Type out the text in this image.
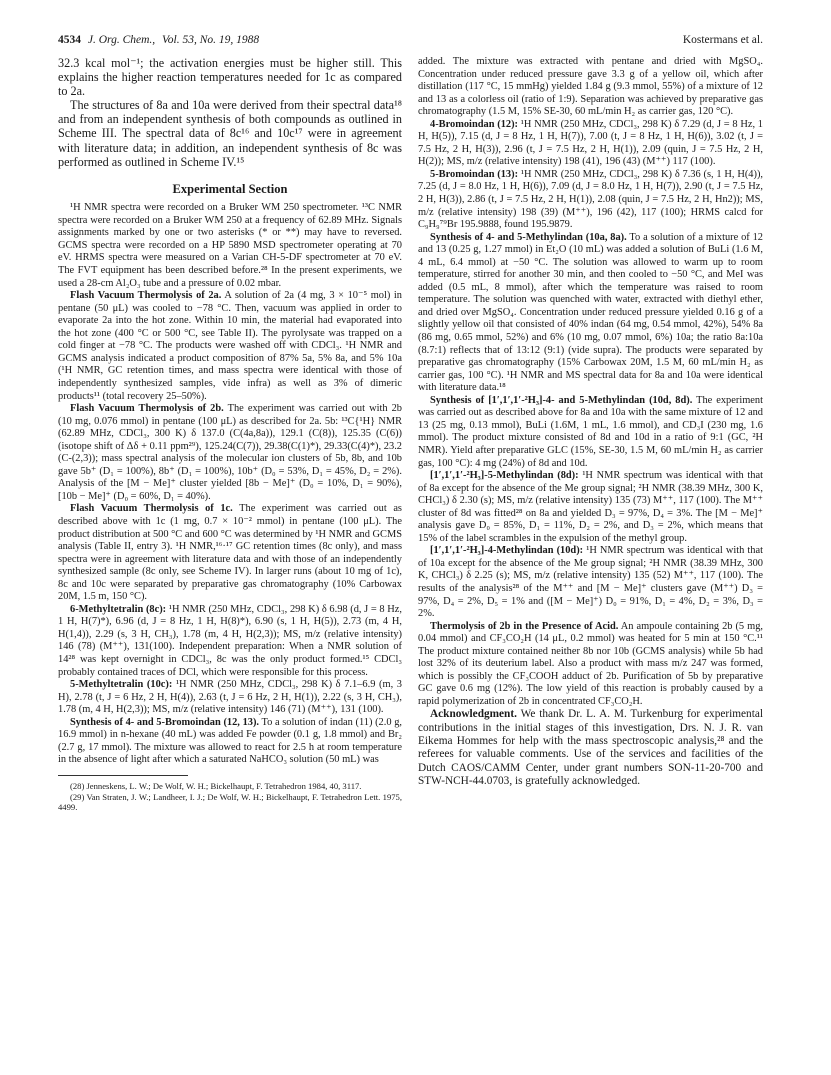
4534 J. Org. Chem., Vol. 53, No. 19, 1988	Kostermans et al.

32.3 kcal mol⁻¹; the activation energies must be higher still. This explains the higher reaction temperatures needed for 1c as compared to 2a.

The structures of 8a and 10a were derived from their spectral data¹⁸ and from an independent synthesis of both compounds as outlined in Scheme III. The spectral data of 8c¹⁶ and 10c¹⁷ were in agreement with literature data; in addition, an independent synthesis of 8c was performed as outlined in Scheme IV.¹⁵

Experimental Section

¹H NMR spectra were recorded on a Bruker WM 250 spectrometer. ¹³C NMR spectra were recorded on a Bruker WM 250 at a frequency of 62.89 MHz. Signals assignments marked by one or two asterisks (* or **) may have to reversed. GCMS spectra were recorded on a HP 5890 MSD spectrometer operating at 70 eV. HRMS spectra were measured on a Varian CH-5-DF spectrometer at 70 eV. The FVT equipment has been described before.²⁸ In the present experiments, we used a 28-cm Al₂O₃ tube and a pressure of 0.02 mbar.

Flash Vacuum Thermolysis of 2a. A solution of 2a (4 mg, 3 × 10⁻⁵ mol) in pentane (50 μL) was cooled to −78 °C. Then, vacuum was applied in order to evaporate 2a into the hot zone. Within 10 min, the material had evaporated into the hot zone (400 °C or 500 °C, see Table II). The pyrolysate was trapped on a cold finger at −78 °C. The products were washed off with CDCl₃. ¹H NMR and GCMS analysis indicated a product composition of 87% 5a, 5% 8a, and 5% 10a (¹H NMR, GC retention times, and mass spectra were identical with those of independently synthesized samples, vide infra) as well as 3% of dimeric products¹¹ (total recovery 25–50%).

Flash Vacuum Thermolysis of 2b. The experiment was carried out with 2b (10 mg, 0.076 mmol) in pentane (100 μL) as described for 2a. 5b: ¹³C{¹H} NMR (62.89 MHz, CDCl₃, 300 K) δ 137.0 (C(4a,8a)), 129.1 (C(8)), 125.35 (C(6)) (isotope shift of Δδ + 0.11 ppm²⁹), 125.24(C(7)), 29.38(C(1)*), 29.33(C(4)*), 23.2 (C-(2,3)); mass spectral analysis of the molecular ion clusters of 5b, 8b, and 10b gave 5b⁺ (D₁ = 100%), 8b⁺ (D₁ = 100%), 10b⁺ (D₀ = 53%, D₁ = 45%, D₂ = 2%). Analysis of the [M − Me]⁺ cluster yielded [8b − Me]⁺ (D₀ = 10%, D₁ = 90%), [10b − Me]⁺ (D₀ = 60%, D₁ = 40%).

Flash Vacuum Thermolysis of 1c. The experiment was carried out as described above with 1c (1 mg, 0.7 × 10⁻² mmol) in pentane (100 μL). The product distribution at 500 °C and 600 °C was determined by ¹H NMR and GCMS analysis (Table II, entry 3). ¹H NMR,¹⁶·¹⁷ GC retention times (8c only), and mass spectra were in agreement with literature data and with those of an independently synthesized sample (8c only, see Scheme IV). In larger runs (about 10 mg of 1c), 8c and 10c were separated by preparative gas chromatography (10% Carbowax 20M, 1.5 m, 150 °C).

6-Methyltetralin (8c): ¹H NMR (250 MHz, CDCl₃, 298 K) δ 6.98 (d, J = 8 Hz, 1 H, H(7)*), 6.96 (d, J = 8 Hz, 1 H, H(8)*), 6.90 (s, 1 H, H(5)), 2.73 (m, 4 H, H(1,4)), 2.29 (s, 3 H, CH₃), 1.78 (m, 4 H, H(2,3)); MS, m/z (relative intensity) 146 (78) (M⁺⁺), 131(100). Independent preparation: When a NMR solution of 14²⁸ was kept overnight in CDCl₃, 8c was the only product formed.¹⁵ CDCl₃ probably contained traces of DCl, which were responsible for this process.

5-Methyltetralin (10c): ¹H NMR (250 MHz, CDCl₃, 298 K) δ 7.1–6.9 (m, 3 H), 2.78 (t, J = 6 Hz, 2 H, H(4)), 2.63 (t, J = 6 Hz, 2 H, H(1)), 2.22 (s, 3 H, CH₃), 1.78 (m, 4 H, H(2,3)); MS, m/z (relative intensity) 146 (71) (M⁺⁺), 131 (100).

Synthesis of 4- and 5-Bromoindan (12, 13). To a solution of indan (11) (2.0 g, 16.9 mmol) in n-hexane (40 mL) was added Fe powder (0.1 g, 1.8 mmol) and Br₂ (2.7 g, 17 mmol). The mixture was allowed to react for 2.5 h at room temperature in the absence of light after which a saturated NaHCO₃ solution (50 mL) was

(28) Jenneskens, L. W.; De Wolf, W. H.; Bickelhaupt, F. Tetrahedron 1984, 40, 3117.

(29) Van Straten, J. W.; Landheer, I. J.; De Wolf, W. H.; Bickelhaupt, F. Tetrahedron Lett. 1975, 4499.

added. The mixture was extracted with pentane and dried with MgSO₄. Concentration under reduced pressure gave 3.3 g of a yellow oil, which after distillation (117 °C, 15 mmHg) yielded 1.84 g (9.3 mmol, 55%) of a mixture of 12 and 13 as a colorless oil (ratio of 1:9). Separation was achieved by preparative gas chromatography (1.5 M, 15% SE-30, 60 mL/min H₂ as carrier gas, 120 °C).

4-Bromoindan (12): ¹H NMR (250 MHz, CDCl₃, 298 K) δ 7.29 (d, J = 8 Hz, 1 H, H(5)), 7.15 (d, J = 8 Hz, 1 H, H(7)), 7.00 (t, J = 8 Hz, 1 H, H(6)), 3.02 (t, J = 7.5 Hz, 2 H, H(3)), 2.96 (t, J = 7.5 Hz, 2 H, H(1)), 2.09 (quin, J = 7.5 Hz, 2 H, H(2)); MS, m/z (relative intensity) 198 (41), 196 (43) (M⁺⁺) 117 (100).

5-Bromoindan (13): ¹H NMR (250 MHz, CDCl₃, 298 K) δ 7.36 (s, 1 H, H(4)), 7.25 (d, J = 8.0 Hz, 1 H, H(6)), 7.09 (d, J = 8.0 Hz, 1 H, H(7)), 2.90 (t, J = 7.5 Hz, 2 H, H(3)), 2.86 (t, J = 7.5 Hz, 2 H, H(1)), 2.08 (quin, J = 7.5 Hz, 2 H, Hn2)); MS, m/z (relative intensity) 198 (39) (M⁺⁺), 196 (42), 117 (100); HRMS calcd for C₉H₉⁷⁹Br 195.9888, found 195.9879.

Synthesis of 4- and 5-Methylindan (10a, 8a). To a solution of a mixture of 12 and 13 (0.25 g, 1.27 mmol) in Et₂O (10 mL) was added a solution of BuLi (1.6 M, 4 mL, 6.4 mmol) at −50 °C. The solution was allowed to warm up to room temperature, stirred for another 30 min, and then cooled to −50 °C, and MeI was added (0.5 mL, 8 mmol), after which the temperature was raised to room temperature. The solution was quenched with water, extracted with diethyl ether, and dried over MgSO₄. Concentration under reduced pressure yielded 0.16 g of a slightly yellow oil that consisted of 40% indan (64 mg, 0.54 mmol, 42%), 54% 8a (86 mg, 0.65 mmol, 52%) and 6% (10 mg, 0.07 mmol, 6%) 10a; the ratio 8a:10a (8.7:1) reflects that of 13:12 (9:1) (vide supra). The products were separated by preparative gas chromatography (15% Carbowax 20M, 1.5 M, 60 mL/min H₂ as carrier gas, 100 °C). ¹H NMR and MS spectral data for 8a and 10a were identical with literature data.¹⁸

Synthesis of [1′,1′,1′-²H₃]-4- and 5-Methylindan (10d, 8d). The experiment was carried out as described above for 8a and 10a with the same mixture of 12 and 13 (25 mg, 0.13 mmol), BuLi (1.6M, 1 mL, 1.6 mmol), and CD₃I (230 mg, 1.6 mmol). The product mixture consisted of 8d and 10d in a ratio of 9:1 (GC, ²H NMR). Yield after preparative GLC (15%, SE-30, 1.5 M, 60 mL/min H₂ as carrier gas, 100 °C): 4 mg (24%) of 8d and 10d.

[1′,1′,1′-²H₃]-5-Methylindan (8d): ¹H NMR spectrum was identical with that of 8a except for the absence of the Me group signal; ²H NMR (38.39 MHz, 300 K, CHCl₃) δ 2.30 (s); MS, m/z (relative intensity) 135 (73) M⁺⁺, 117 (100). The M⁺⁺ cluster of 8d was fitted²⁸ on 8a and yielded D₃ = 97%, D₄ = 3%. The [M − Me]⁺ analysis gave D₀ = 85%, D₁ = 11%, D₂ = 2%, and D₃ = 2%, which means that 15% of the label scrambles in the expulsion of the methyl group.

[1′,1′,1′-²H₃]-4-Methylindan (10d): ¹H NMR spectrum was identical with that of 10a except for the absence of the Me group signal; ²H NMR (38.39 MHz, 300 K, CHCl₃) δ 2.25 (s); MS, m/z (relative intensity) 135 (52) M⁺⁺, 117 (100). The results of the analysis²⁸ of the M⁺⁺ and [M − Me]⁺ clusters gave (M⁺⁺) D₃ = 97%, D₄ = 2%, D₅ = 1% and ([M − Me]⁺) D₀ = 91%, D₁ = 4%, D₂ = 3%, D₃ = 2%.

Thermolysis of 2b in the Presence of Acid. An ampoule containing 2b (5 mg, 0.04 mmol) and CF₃CO₂H (14 μL, 0.2 mmol) was heated for 5 min at 150 °C.¹¹ The product mixture contained neither 8b nor 10b (GCMS analysis) while 5b had lost 32% of its deuterium label. Also a product with mass m/z 247 was formed, which is possibly the CF₃COOH adduct of 2b. Purification of 5b by preparative GC gave 0.6 mg (12%). The low yield of this reaction is probably caused by a rapid polymerization of 2b in concentrated CF₃CO₂H.

Acknowledgment. We thank Dr. L. A. M. Turkenburg for experimental contributions in the initial stages of this investigation, Drs. N. J. R. van Eikema Hommes for help with the mass spectroscopic analysis,²⁸ and the referees for valuable comments. Use of the services and facilities of the Dutch CAOS/CAMM Center, under grant numbers SON-11-20-700 and STW-NCH-44.0703, is gratefully acknowledged.
